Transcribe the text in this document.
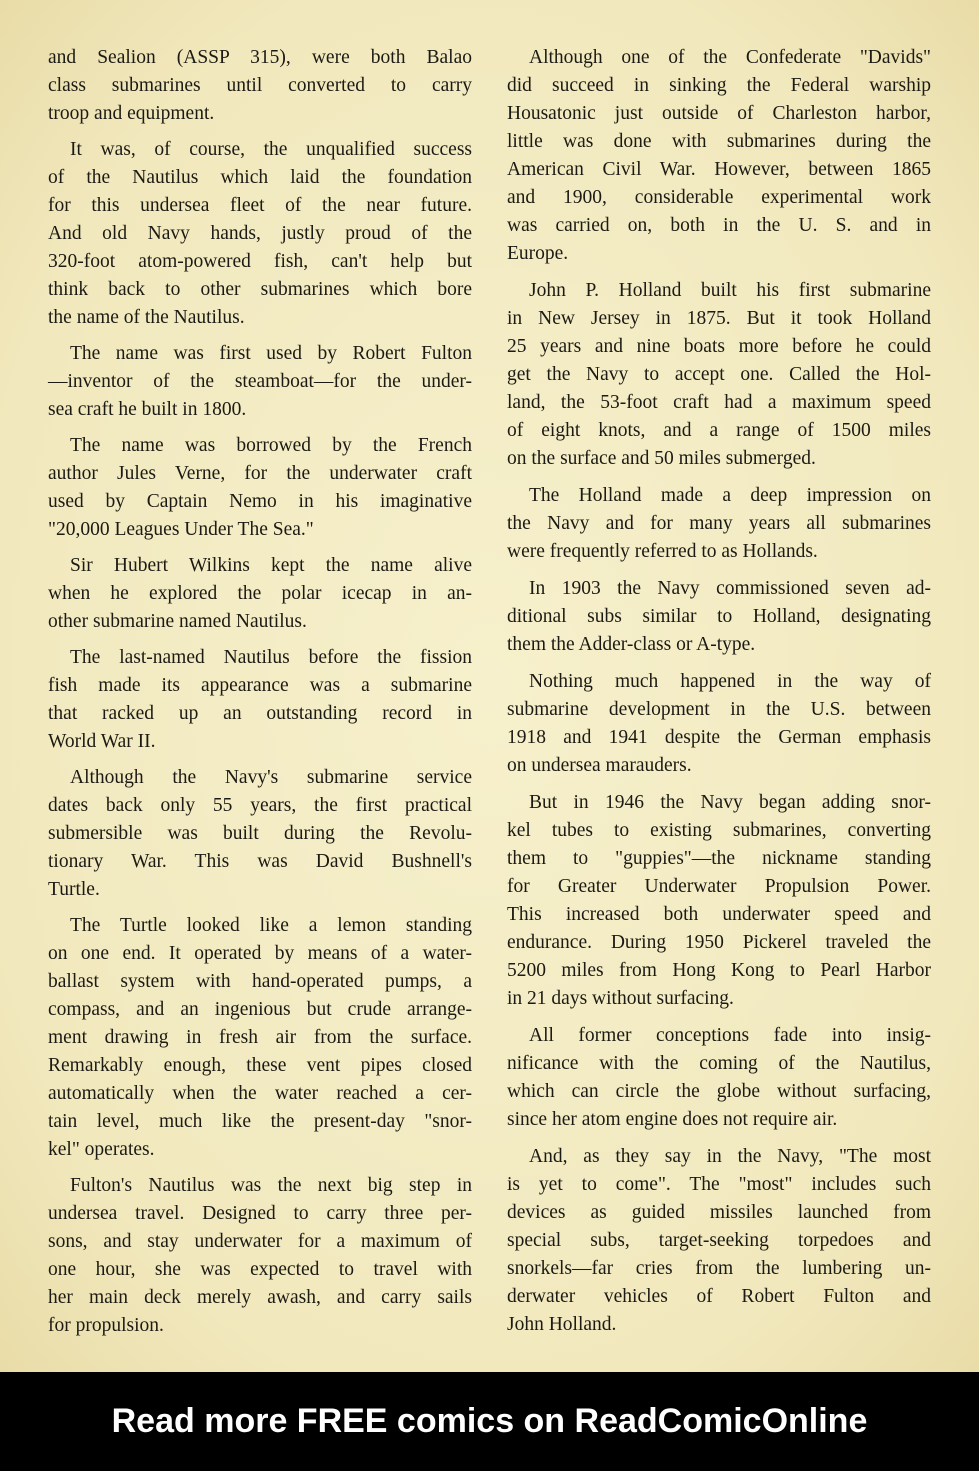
and Sealion (ASSP 315), were both Balao
class submarines until converted to carry
troop and equipment.
It was, of course, the unqualified success
of the Nautilus which laid the foundation
for this undersea fleet of the near future.
And old Navy hands, justly proud of the
320-foot atom-powered fish, can't help but
think back to other submarines which bore
the name of the Nautilus.
The name was first used by Robert Fulton
—inventor of the steamboat—for the under-
sea craft he built in 1800.
The name was borrowed by the French
author Jules Verne, for the underwater craft
used by Captain Nemo in his imaginative
"20,000 Leagues Under The Sea."
Sir Hubert Wilkins kept the name alive
when he explored the polar icecap in an-
other submarine named Nautilus.
The last-named Nautilus before the fission
fish made its appearance was a submarine
that racked up an outstanding record in
World War II.
Although the Navy's submarine service
dates back only 55 years, the first practical
submersible was built during the Revolu-
tionary War. This was David Bushnell's
Turtle.
The Turtle looked like a lemon standing
on one end. It operated by means of a water-
ballast system with hand-operated pumps, a
compass, and an ingenious but crude arrange-
ment drawing in fresh air from the surface.
Remarkably enough, these vent pipes closed
automatically when the water reached a cer-
tain level, much like the present-day "snor-
kel" operates.
Fulton's Nautilus was the next big step in
undersea travel. Designed to carry three per-
sons, and stay underwater for a maximum of
one hour, she was expected to travel with
her main deck merely awash, and carry sails
for propulsion.
Although one of the Confederate "Davids"
did succeed in sinking the Federal warship
Housatonic just outside of Charleston harbor,
little was done with submarines during the
American Civil War. However, between 1865
and 1900, considerable experimental work
was carried on, both in the U. S. and in
Europe.
John P. Holland built his first submarine
in New Jersey in 1875. But it took Holland
25 years and nine boats more before he could
get the Navy to accept one. Called the Hol-
land, the 53-foot craft had a maximum speed
of eight knots, and a range of 1500 miles
on the surface and 50 miles submerged.
The Holland made a deep impression on
the Navy and for many years all submarines
were frequently referred to as Hollands.
In 1903 the Navy commissioned seven ad-
ditional subs similar to Holland, designating
them the Adder-class or A-type.
Nothing much happened in the way of
submarine development in the U.S. between
1918 and 1941 despite the German emphasis
on undersea marauders.
But in 1946 the Navy began adding snor-
kel tubes to existing submarines, converting
them to "guppies"—the nickname standing
for Greater Underwater Propulsion Power.
This increased both underwater speed and
endurance. During 1950 Pickerel traveled the
5200 miles from Hong Kong to Pearl Harbor
in 21 days without surfacing.
All former conceptions fade into insig-
nificance with the coming of the Nautilus,
which can circle the globe without surfacing,
since her atom engine does not require air.
And, as they say in the Navy, "The most
is yet to come". The "most" includes such
devices as guided missiles launched from
special subs, target-seeking torpedoes and
snorkels—far cries from the lumbering un-
derwater vehicles of Robert Fulton and
John Holland.
Read more FREE comics on ReadComicOnline
